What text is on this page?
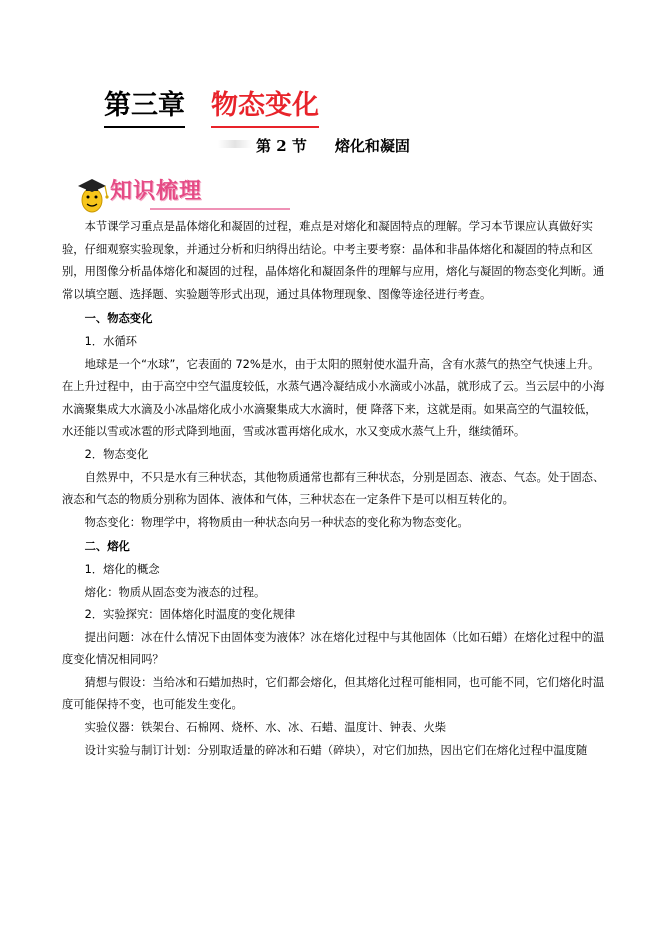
第三章 物态变化
第 2 节 熔化和凝固
知识梳理

本节课学习重点是晶体熔化和凝固的过程，难点是对熔化和凝固特点的理解。学习本节课应认真做好实验，仔细观察实验现象，并通过分析和归纳得出结论。中考主要考察：晶体和非晶体熔化和凝固的特点和区别，用图像分析晶体熔化和凝固的过程，晶体熔化和凝固条件的理解与应用，熔化与凝固的物态变化判断。通常以填空题、选择题、实验题等形式出现，通过具体物理现象、图像等途径进行考查。

一、物态变化

1．水循环

地球是一个“水球”，它表面的 72%是水，由于太阳的照射使水温升高，含有水蒸气的热空气快速上升。在上升过程中，由于高空中空气温度较低，水蒸气遇冷凝结成小水滴或小冰晶，就形成了云。当云层中的小海水滴聚集成大水滴及小冰晶熔化成小水滴聚集成大水滴时，便 降落下来，这就是雨。如果高空的气温较低，水还能以雪或冰雹的形式降到地面，雪或冰雹再熔化成水，水又变成水蒸气上升，继续循环。

2．物态变化

自然界中，不只是水有三种状态，其他物质通常也都有三种状态，分别是固态、液态、气态。处于固态、液态和气态的物质分别称为固体、液体和气体，三种状态在一定条件下是可以相互转化的。

物态变化：物理学中，将物质由一种状态向另一种状态的变化称为物态变化。

二、熔化

1．熔化的概念

熔化：物质从固态变为液态的过程。

2．实验探究：固体熔化时温度的变化规律

提出问题：冰在什么情况下由固体变为液体？冰在熔化过程中与其他固体（比如石蜡）在熔化过程中的温度变化情况相同吗？

猜想与假设：当给冰和石蜡加热时，它们都会熔化，但其熔化过程可能相同，也可能不同，它们熔化时温度可能保持不变，也可能发生变化。

实验仪器：铁架台、石棉网、烧杯、水、冰、石蜡、温度计、钟表、火柴

设计实验与制订计划：分别取适量的碎冰和石蜡（碎块），对它们加热，因出它们在熔化过程中温度随
